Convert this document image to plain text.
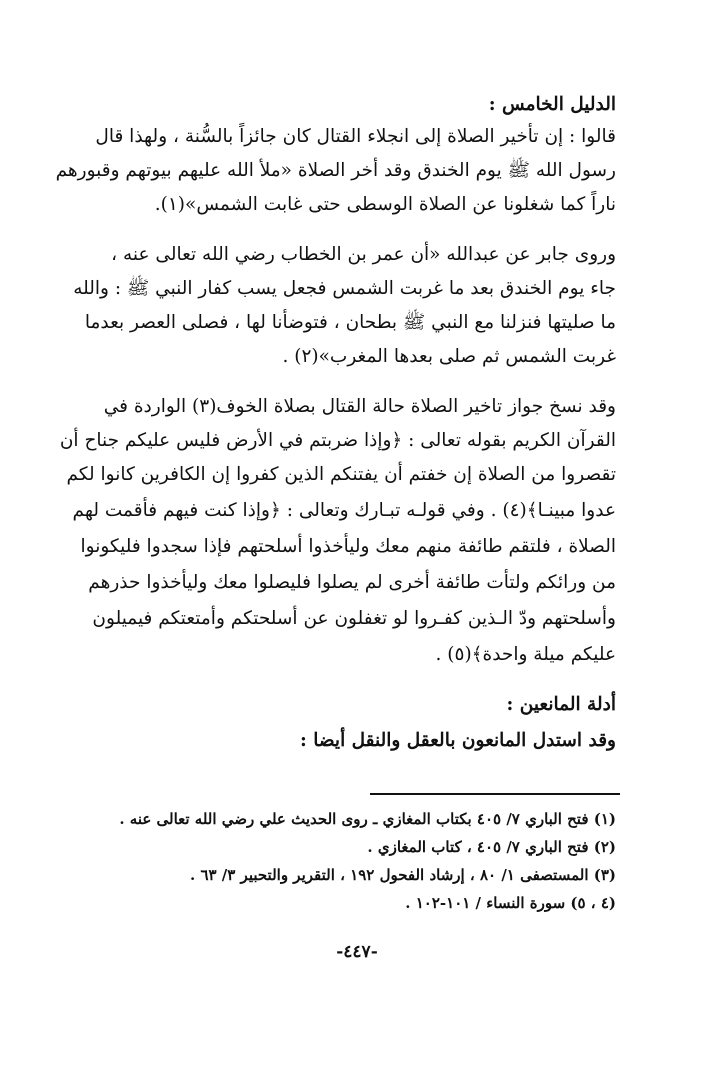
الدليل الخامس :
قالوا : إن تأخير الصلاة إلى انجلاء القتال كان جائزاً بالسُّنة ، ولهذا قال
رسول الله ﷺ يوم الخندق وقد أخر الصلاة «ملأ الله عليهم بيوتهم وقبورهم
ناراً كما شغلونا عن الصلاة الوسطى حتى غابت الشمس»(١).
وروى جابر عن عبدالله «أن عمر بن الخطاب رضي الله تعالى عنه ،
جاء يوم الخندق بعد ما غربت الشمس فجعل يسب كفار النبي ﷺ : والله
ما صليتها فنزلنا مع النبي ﷺ بطحان ، فتوضأنا لها ، فصلى العصر بعدما
غربت الشمس ثم صلى بعدها المغرب»(٢) .
وقد نسخ جواز تاخير الصلاة حالة القتال بصلاة الخوف(٣) الواردة في
القرآن الكريم بقوله تعالى : ﴿وإذا ضربتم في الأرض فليس عليكم جناح أن
تقصروا من الصلاة إن خفتم أن يفتنكم الذين كفروا إن الكافرين كانوا لكم
عدوا مبينـا﴾(٤) . وفي قولـه تبـارك وتعالى : ﴿وإذا كنت فيهم فأقمت لهم
الصلاة ، فلتقم طائفة منهم معك وليأخذوا أسلحتهم فإذا سجدوا فليكونوا
من ورائكم ولتأت طائفة أخرى لم يصلوا فليصلوا معك وليأخذوا حذرهم
وأسلحتهم ودّ الـذين كفـروا لو تغفلون عن أسلحتكم وأمتعتكم فيميلون
عليكم ميلة واحدة﴾(٥) .
أدلة المانعين :
وقد استدل المانعون بالعقل والنقل أيضا :
(١) فتح الباري ٧/ ٤٠٥ بكتاب المغازي ـ روى الحديث علي رضي الله تعالى عنه .
(٢) فتح الباري ٧/ ٤٠٥ ، كتاب المغازي .
(٣) المستصفى ١/ ٨٠ ، إرشاد الفحول ١٩٢ ، التقرير والتحبير ٣/ ٦٣ .
(٤ ، ٥) سورة النساء / ١٠١-١٠٢ .
-٤٤٧-
